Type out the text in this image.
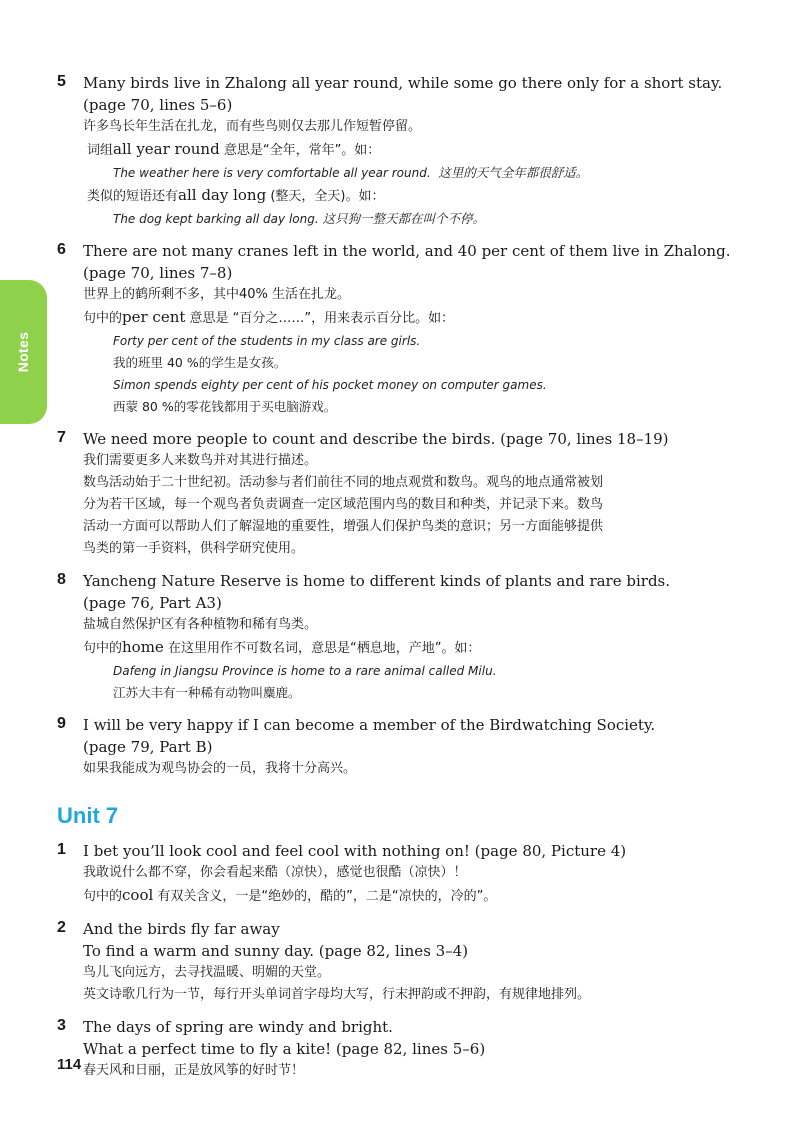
Notes
5	Many birds live in Zhalong all year round, while some go there only for a short stay.
(page 70, lines 5–6)
许多鸟长年生活在扎龙，而有些鸟则仅去那儿作短暂停留。
词组all year round 意思是“全年，常年”。如：
The weather here is very comfortable all year round. 这里的天气全年都很舒适。
类似的短语还有all day long (整天，全天)。如：
The dog kept barking all day long. 这只狗一整天都在叫个不停。
6	There are not many cranes left in the world, and 40 per cent of them live in Zhalong.
(page 70, lines 7–8)
世界上的鹤所剩不多，其中40% 生活在扎龙。
句中的per cent 意思是 “百分之……”，用来表示百分比。如：
Forty per cent of the students in my class are girls.
我的班里 40 %的学生是女孩。
Simon spends eighty per cent of his pocket money on computer games.
西蒙 80 %的零花钱都用于买电脑游戏。
7	We need more people to count and describe the birds. (page 70, lines 18–19)
我们需要更多人来数鸟并对其进行描述。
数鸟活动始于二十世纪初。活动参与者们前往不同的地点观赏和数鸟。观鸟的地点通常被划
分为若干区域，每一个观鸟者负责调查一定区域范围内鸟的数目和种类，并记录下来。数鸟
活动一方面可以帮助人们了解湿地的重要性，增强人们保护鸟类的意识；另一方面能够提供
鸟类的第一手资料，供科学研究使用。
8	Yancheng Nature Reserve is home to different kinds of plants and rare birds.
(page 76, Part A3)
盐城自然保护区有各种植物和稀有鸟类。
句中的home 在这里用作不可数名词，意思是“栖息地，产地”。如：
Dafeng in Jiangsu Province is home to a rare animal called Milu.
江苏大丰有一种稀有动物叫麋鹿。
9	I will be very happy if I can become a member of the Birdwatching Society.
(page 79, Part B)
如果我能成为观鸟协会的一员，我将十分高兴。
Unit 7
1	I bet you’ll look cool and feel cool with nothing on! (page 80, Picture 4)
我敢说什么都不穿，你会看起来酷（凉快），感觉也很酷（凉快）！
句中的cool 有双关含义，一是“绝妙的，酷的”，二是“凉快的，冷的”。
2	And the birds fly far away
To find a warm and sunny day. (page 82, lines 3–4)
鸟儿飞向远方，去寻找温暖、明媚的天堂。
英文诗歌几行为一节，每行开头单词首字母均大写，行末押韵或不押韵，有规律地排列。
3	The days of spring are windy and bright.
What a perfect time to fly a kite! (page 82, lines 5–6)
春天风和日丽，正是放风筝的好时节！
114
